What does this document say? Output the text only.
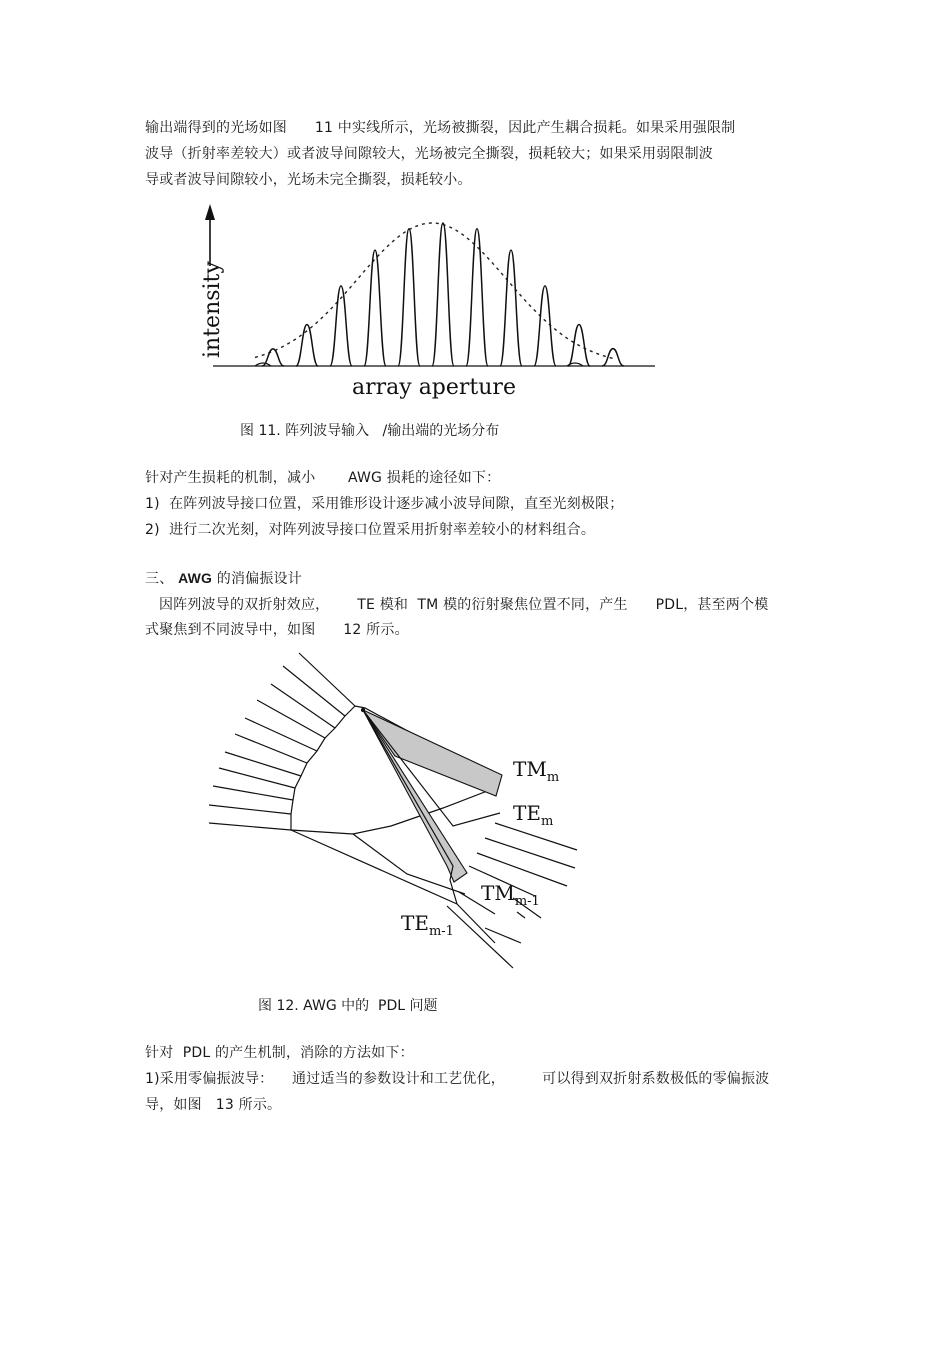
输出端得到的光场如图      11 中实线所示，光场被撕裂，因此产生耦合损耗。如果采用强限制
波导（折射率差较大）或者波导间隙较大，光场被完全撕裂，损耗较大；如果采用弱限制波
导或者波导间隙较小，光场未完全撕裂，损耗较小。
intensity
array aperture
图 11. 阵列波导输入   /输出端的光场分布
针对产生损耗的机制，减小       AWG 损耗的途径如下：
1)  在阵列波导接口位置，采用锥形设计逐步减小波导间隙，直至光刻极限；
2)  进行二次光刻，对阵列波导接口位置采用折射率差较小的材料组合。
三、 AWG 的消偏振设计
因阵列波导的双折射效应，      TE 模和  TM 模的衍射聚焦位置不同，产生      PDL，甚至两个模
式聚焦到不同波导中，如图      12 所示。
$TM_m$
$TE_m$
$TM_{m-1}$
$TE_{m-1}$
图 12. AWG 中的  PDL 问题
针对  PDL 的产生机制，消除的方法如下：
1)采用零偏振波导：    通过适当的参数设计和工艺优化，        可以得到双折射系数极低的零偏振波
导，如图   13 所示。
